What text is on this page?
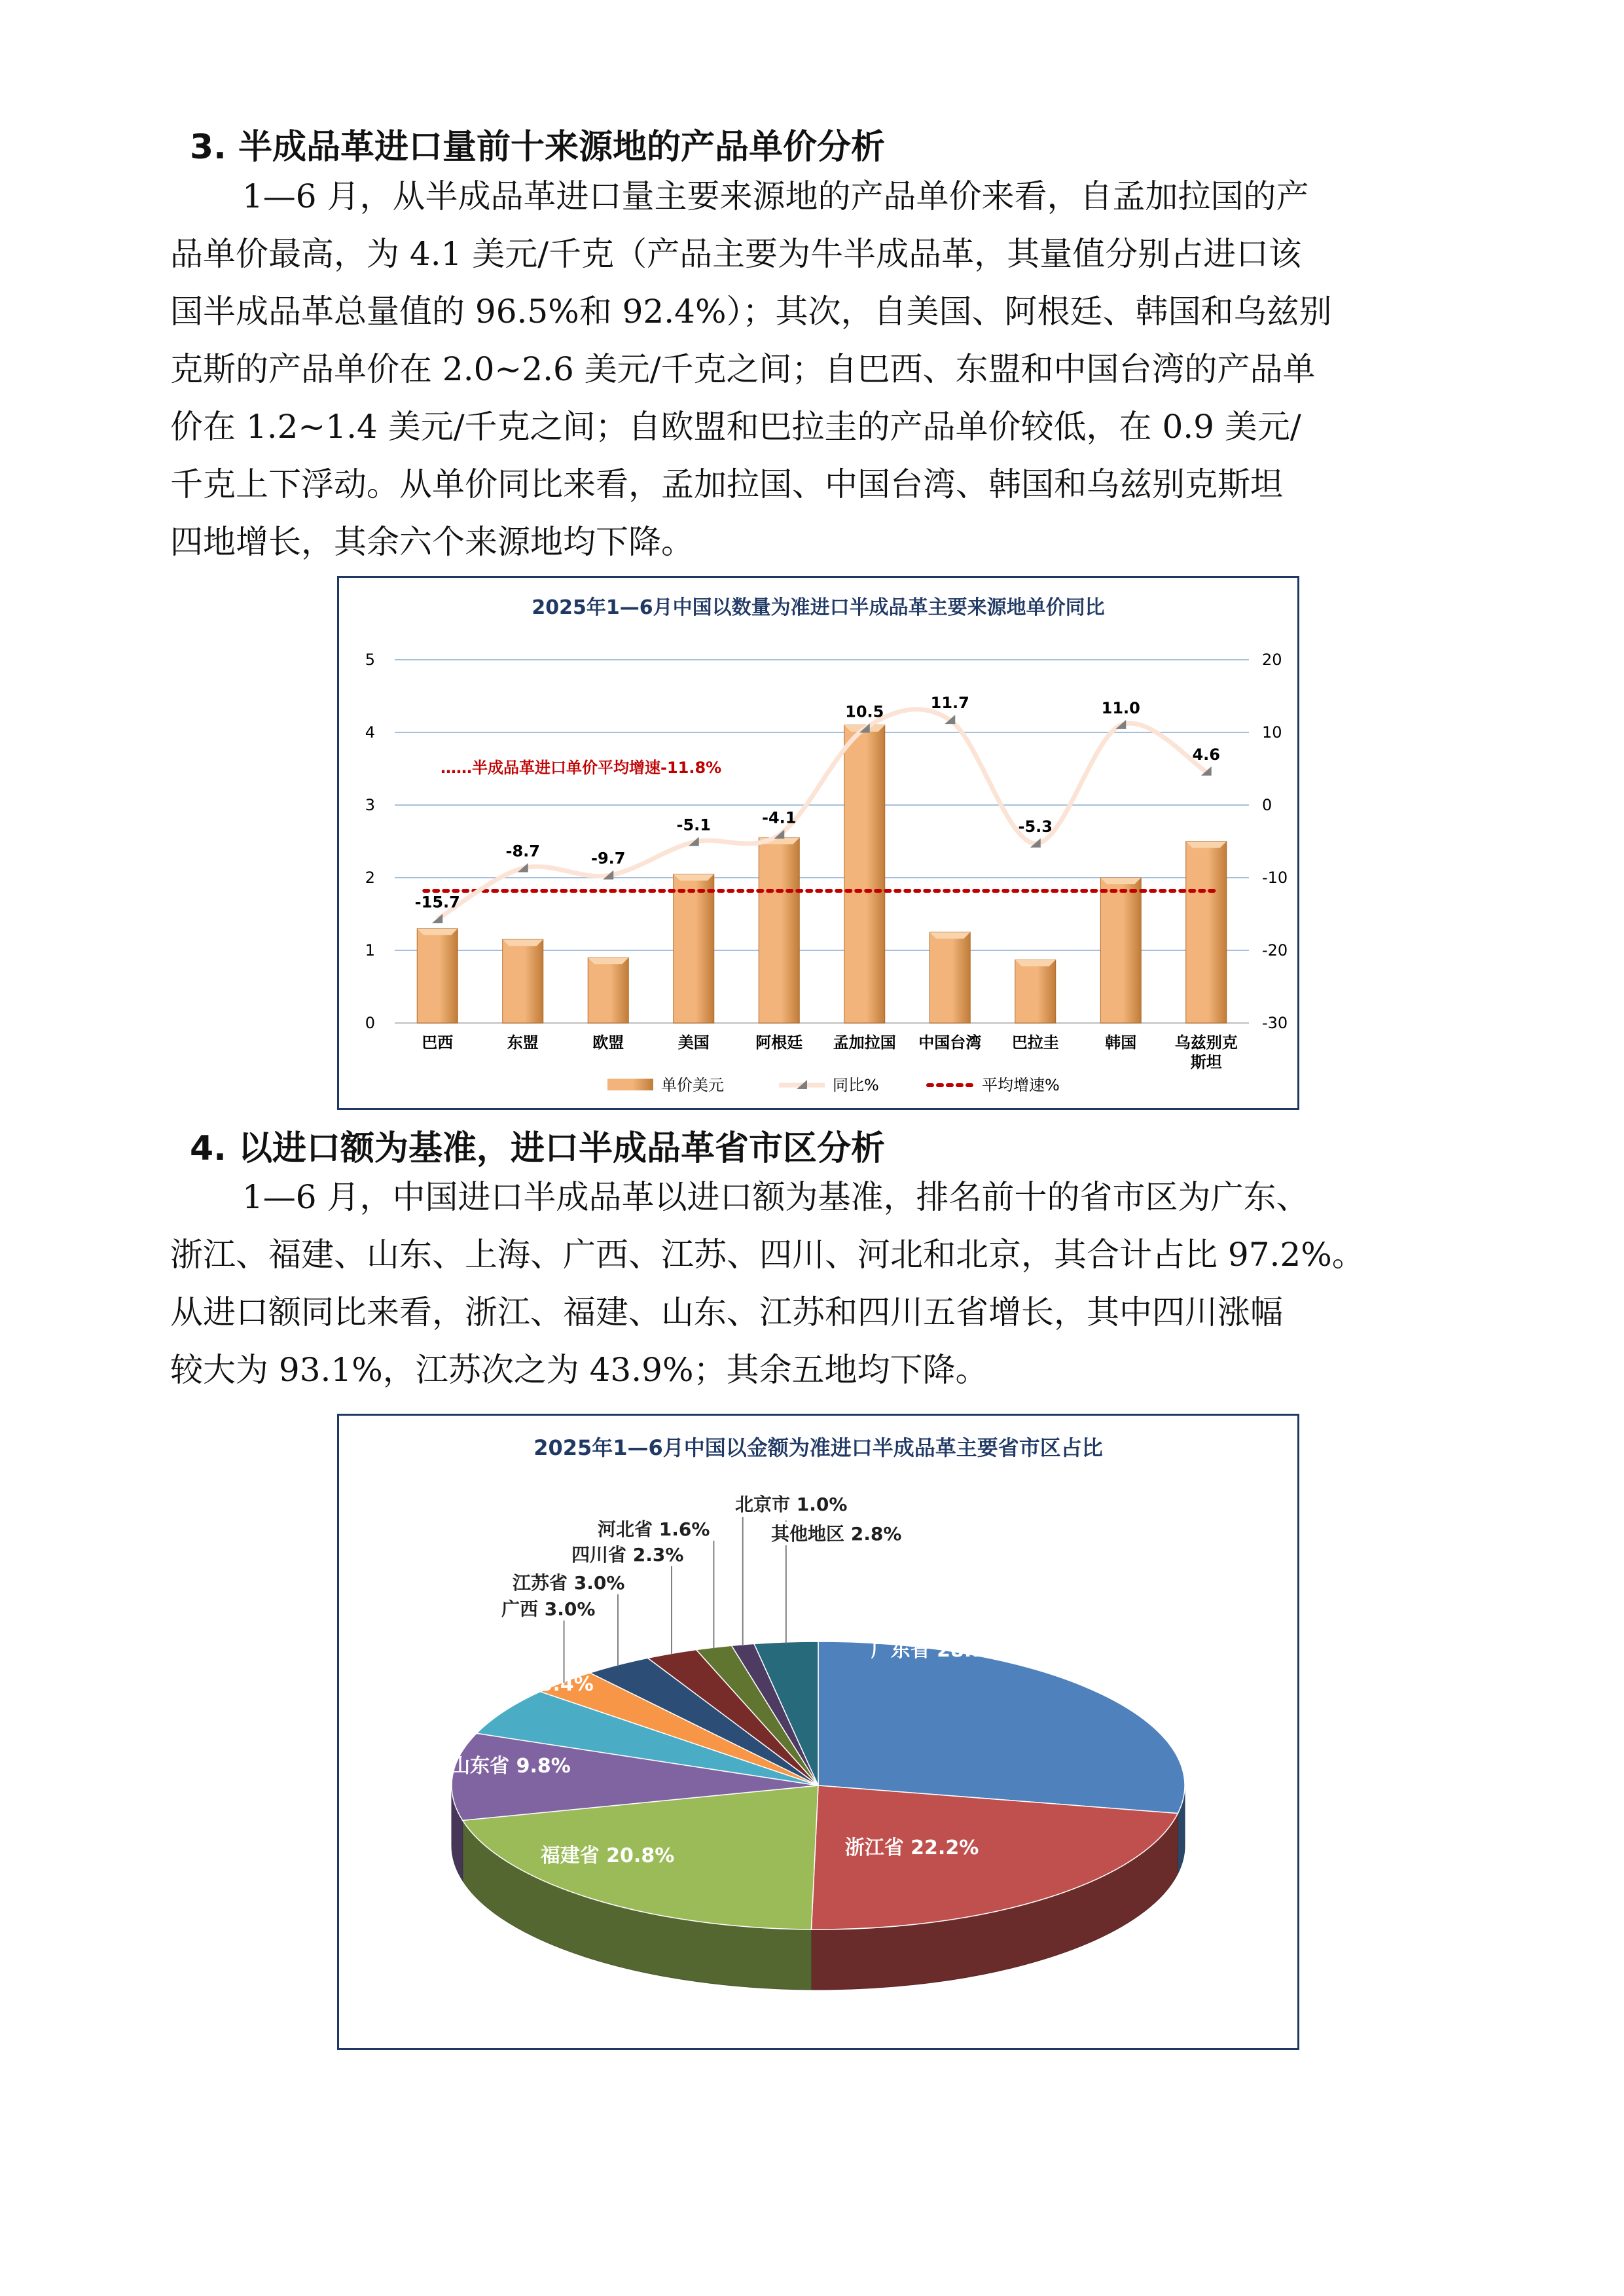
3. 半成品革进口量前十来源地的产品单价分析
1—6 月，从半成品革进口量主要来源地的产品单价来看，自孟加拉国的产
品单价最高，为 4.1 美元/千克（产品主要为牛半成品革，其量值分别占进口该
国半成品革总量值的 96.5%和 92.4%）；其次，自美国、阿根廷、韩国和乌兹别
克斯的产品单价在 2.0~2.6 美元/千克之间；自巴西、东盟和中国台湾的产品单
价在 1.2~1.4 美元/千克之间；自欧盟和巴拉圭的产品单价较低，在 0.9 美元/
千克上下浮动。从单价同比来看，孟加拉国、中国台湾、韩国和乌兹别克斯坦
四地增长，其余六个来源地均下降。
2025年1—6月中国以数量为准进口半成品革主要来源地单价同比
0
1
2
3
4
5
-30
-20
-10
0
10
20
……半成品革进口单价平均增速-11.8%
-15.7
-8.7	-9.7
-5.1	-4.1
10.5	11.7
-5.3
11.0
4.6
巴西	东盟	欧盟	美国	阿根廷 孟加拉国 中国台湾 巴拉圭	韩国 乌兹别克
斯坦
单价美元	同比%	平均增速%
4. 以进口额为基准，进口半成品革省市区分析
1—6 月，中国进口半成品革以进口额为基准，排名前十的省市区为广东、
浙江、福建、山东、上海、广西、江苏、四川、河北和北京，其合计占比 97.2%。
从进口额同比来看，浙江、福建、山东、江苏和四川五省增长，其中四川涨幅
较大为 93.1%，江苏次之为 43.9%；其余五地均下降。
2025年1—6月中国以金额为准进口半成品革主要省市区占比
广东省 28.1%
浙江省 22.2%
福建省 20.8%
山东省 9.8%
上海市 5.4%
广西 3.0%
江苏省 3.0%
四川省 2.3%
河北省 1.6%
北京市 1.0%
其他地区 2.8%
